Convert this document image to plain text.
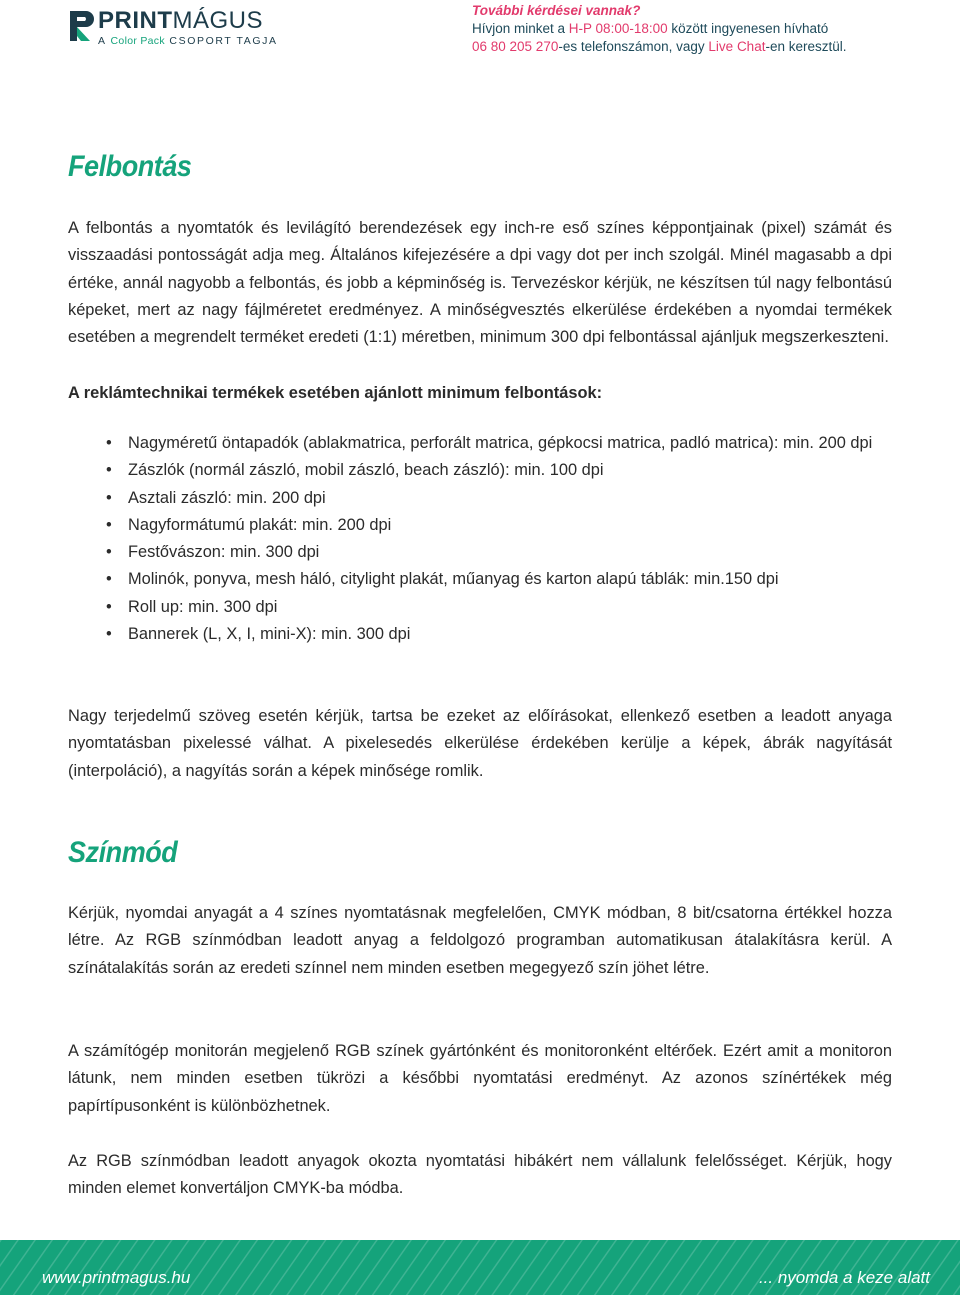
PRINTMÁGUS
A Color Pack CSOPORT TAGJA
További kérdései vannak?
Hívjon minket a H-P 08:00-18:00 között ingyenesen hívható
06 80 205 270-es telefonszámon, vagy Live Chat-en keresztül.
Felbontás

A felbontás a nyomtatók és levilágító berendezések egy inch-re eső színes képpontjainak (pixel) számát és visszaadási pontosságát adja meg. Általános kifejezésére a dpi vagy dot per inch szolgál. Minél magasabb a dpi értéke, annál nagyobb a felbontás, és jobb a képminőség is. Tervezéskor kérjük, ne készítsen túl nagy felbontású képeket, mert az nagy fájlméretet eredményez. A minőségvesztés elkerülése érdekében a nyomdai termékek esetében a megrendelt terméket eredeti (1:1) méretben, minimum 300 dpi felbontással ajánljuk megszerkeszteni.

A reklámtechnikai termékek esetében ajánlott minimum felbontások:

• Nagyméretű öntapadók (ablakmatrica, perforált matrica, gépkocsi matrica, padló matrica): min. 200 dpi
• Zászlók (normál zászló, mobil zászló, beach zászló): min. 100 dpi
• Asztali zászló: min. 200 dpi
• Nagyformátumú plakát: min. 200 dpi
• Festővászon: min. 300 dpi
• Molinók, ponyva, mesh háló, citylight plakát, műanyag és karton alapú táblák: min.150 dpi
• Roll up: min. 300 dpi
• Bannerek (L, X, I, mini-X): min. 300 dpi

Nagy terjedelmű szöveg esetén kérjük, tartsa be ezeket az előírásokat, ellenkező esetben a leadott anyaga nyomtatásban pixelessé válhat. A pixelesedés elkerülése érdekében kerülje a képek, ábrák nagyítását (interpoláció), a nagyítás során a képek minősége romlik.

Színmód

Kérjük, nyomdai anyagát a 4 színes nyomtatásnak megfelelően, CMYK módban, 8 bit/csatorna értékkel hozza létre. Az RGB színmódban leadott anyag a feldolgozó programban automatikusan átalakításra kerül. A színátalakítás során az eredeti színnel nem minden esetben megegyező szín jöhet létre.

A számítógép monitorán megjelenő RGB színek gyártónként és monitoronként eltérőek. Ezért amit a monitoron látunk, nem minden esetben tükrözi a későbbi nyomtatási eredményt. Az azonos színértékek még papírtípusonként is különbözhetnek.

Az RGB színmódban leadott anyagok okozta nyomtatási hibákért nem vállalunk felelősséget. Kérjük, hogy minden elemet konvertáljon CMYK-ba módba.

www.printmagus.hu	... nyomda a keze alatt
